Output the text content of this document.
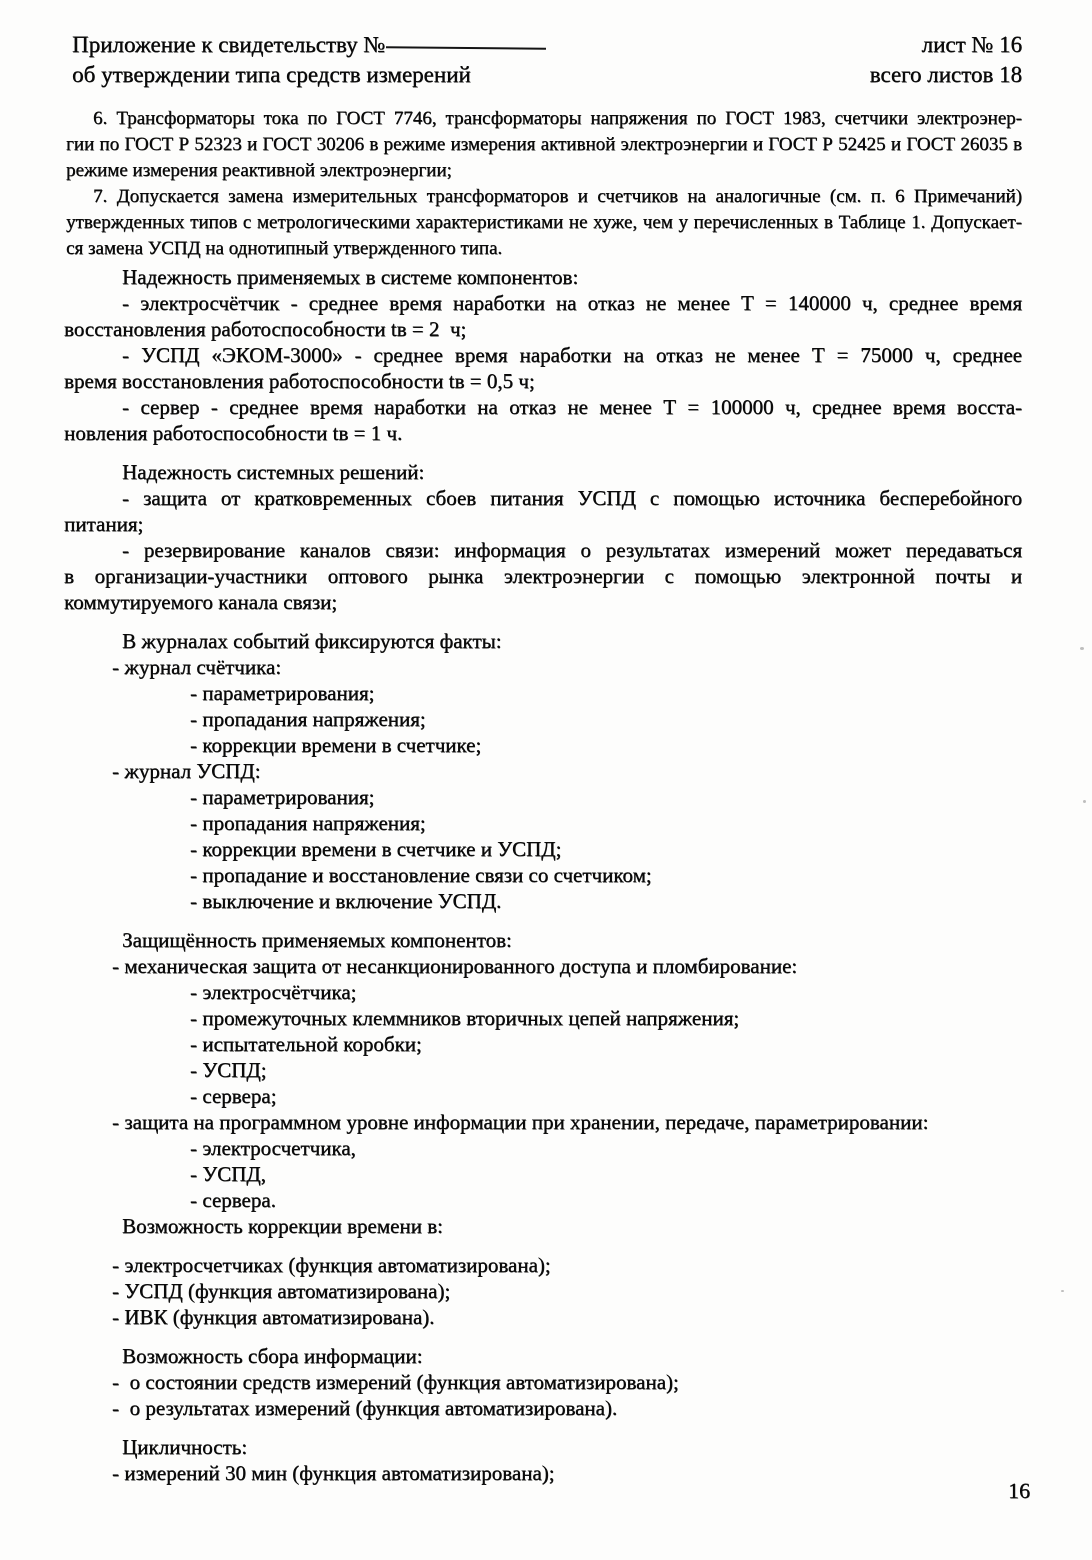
Приложение к свидетельству №
об утверждении типа средств измерений
лист № 16
всего листов 18
6. Трансформаторы тока по ГОСТ 7746, трансформаторы напряжения по ГОСТ 1983, счетчики электроэнер-
гии по ГОСТ Р 52323 и ГОСТ 30206 в режиме измерения активной электроэнергии и ГОСТ Р 52425 и ГОСТ 26035 в
режиме измерения реактивной электроэнергии;
7. Допускается замена измерительных трансформаторов и счетчиков на аналогичные (см. п. 6 Примечаний)
утвержденных типов с метрологическими характеристиками не хуже, чем у перечисленных в Таблице 1. Допускает-
ся замена УСПД на однотипный утвержденного типа.
Надежность применяемых в системе компонентов:
- электросчётчик - среднее время наработки на отказ не менее Т = 140000 ч, среднее время
восстановления работоспособности tв = 2  ч;
- УСПД «ЭКОМ-3000» - среднее время наработки на отказ не менее Т = 75000 ч, среднее
время восстановления работоспособности tв = 0,5 ч;
- сервер - среднее время наработки на отказ не менее Т = 100000 ч, среднее время восста-
новления работоспособности tв = 1 ч.
Надежность системных решений:
- защита от кратковременных сбоев питания УСПД с помощью источника бесперебойного
питания;
- резервирование каналов связи: информация о результатах измерений может передаваться
в организации-участники оптового рынка электроэнергии с помощью электронной почты и
коммутируемого канала связи;
В журналах событий фиксируются факты:
- журнал счётчика:
- параметрирования;
- пропадания напряжения;
- коррекции времени в счетчике;
- журнал УСПД:
- параметрирования;
- пропадания напряжения;
- коррекции времени в счетчике и УСПД;
- пропадание и восстановление связи со счетчиком;
- выключение и включение УСПД.
Защищённость применяемых компонентов:
- механическая защита от несанкционированного доступа и пломбирование:
- электросчётчика;
- промежуточных клеммников вторичных цепей напряжения;
- испытательной коробки;
- УСПД;
- сервера;
- защита на программном уровне информации при хранении, передаче, параметрировании:
- электросчетчика,
- УСПД,
- сервера.
Возможность коррекции времени в:
- электросчетчиках (функция автоматизирована);
- УСПД (функция автоматизирована);
- ИВК (функция автоматизирована).
Возможность сбора информации:
-  о состоянии средств измерений (функция автоматизирована);
-  о результатах измерений (функция автоматизирована).
Цикличность:
- измерений 30 мин (функция автоматизирована);
16
